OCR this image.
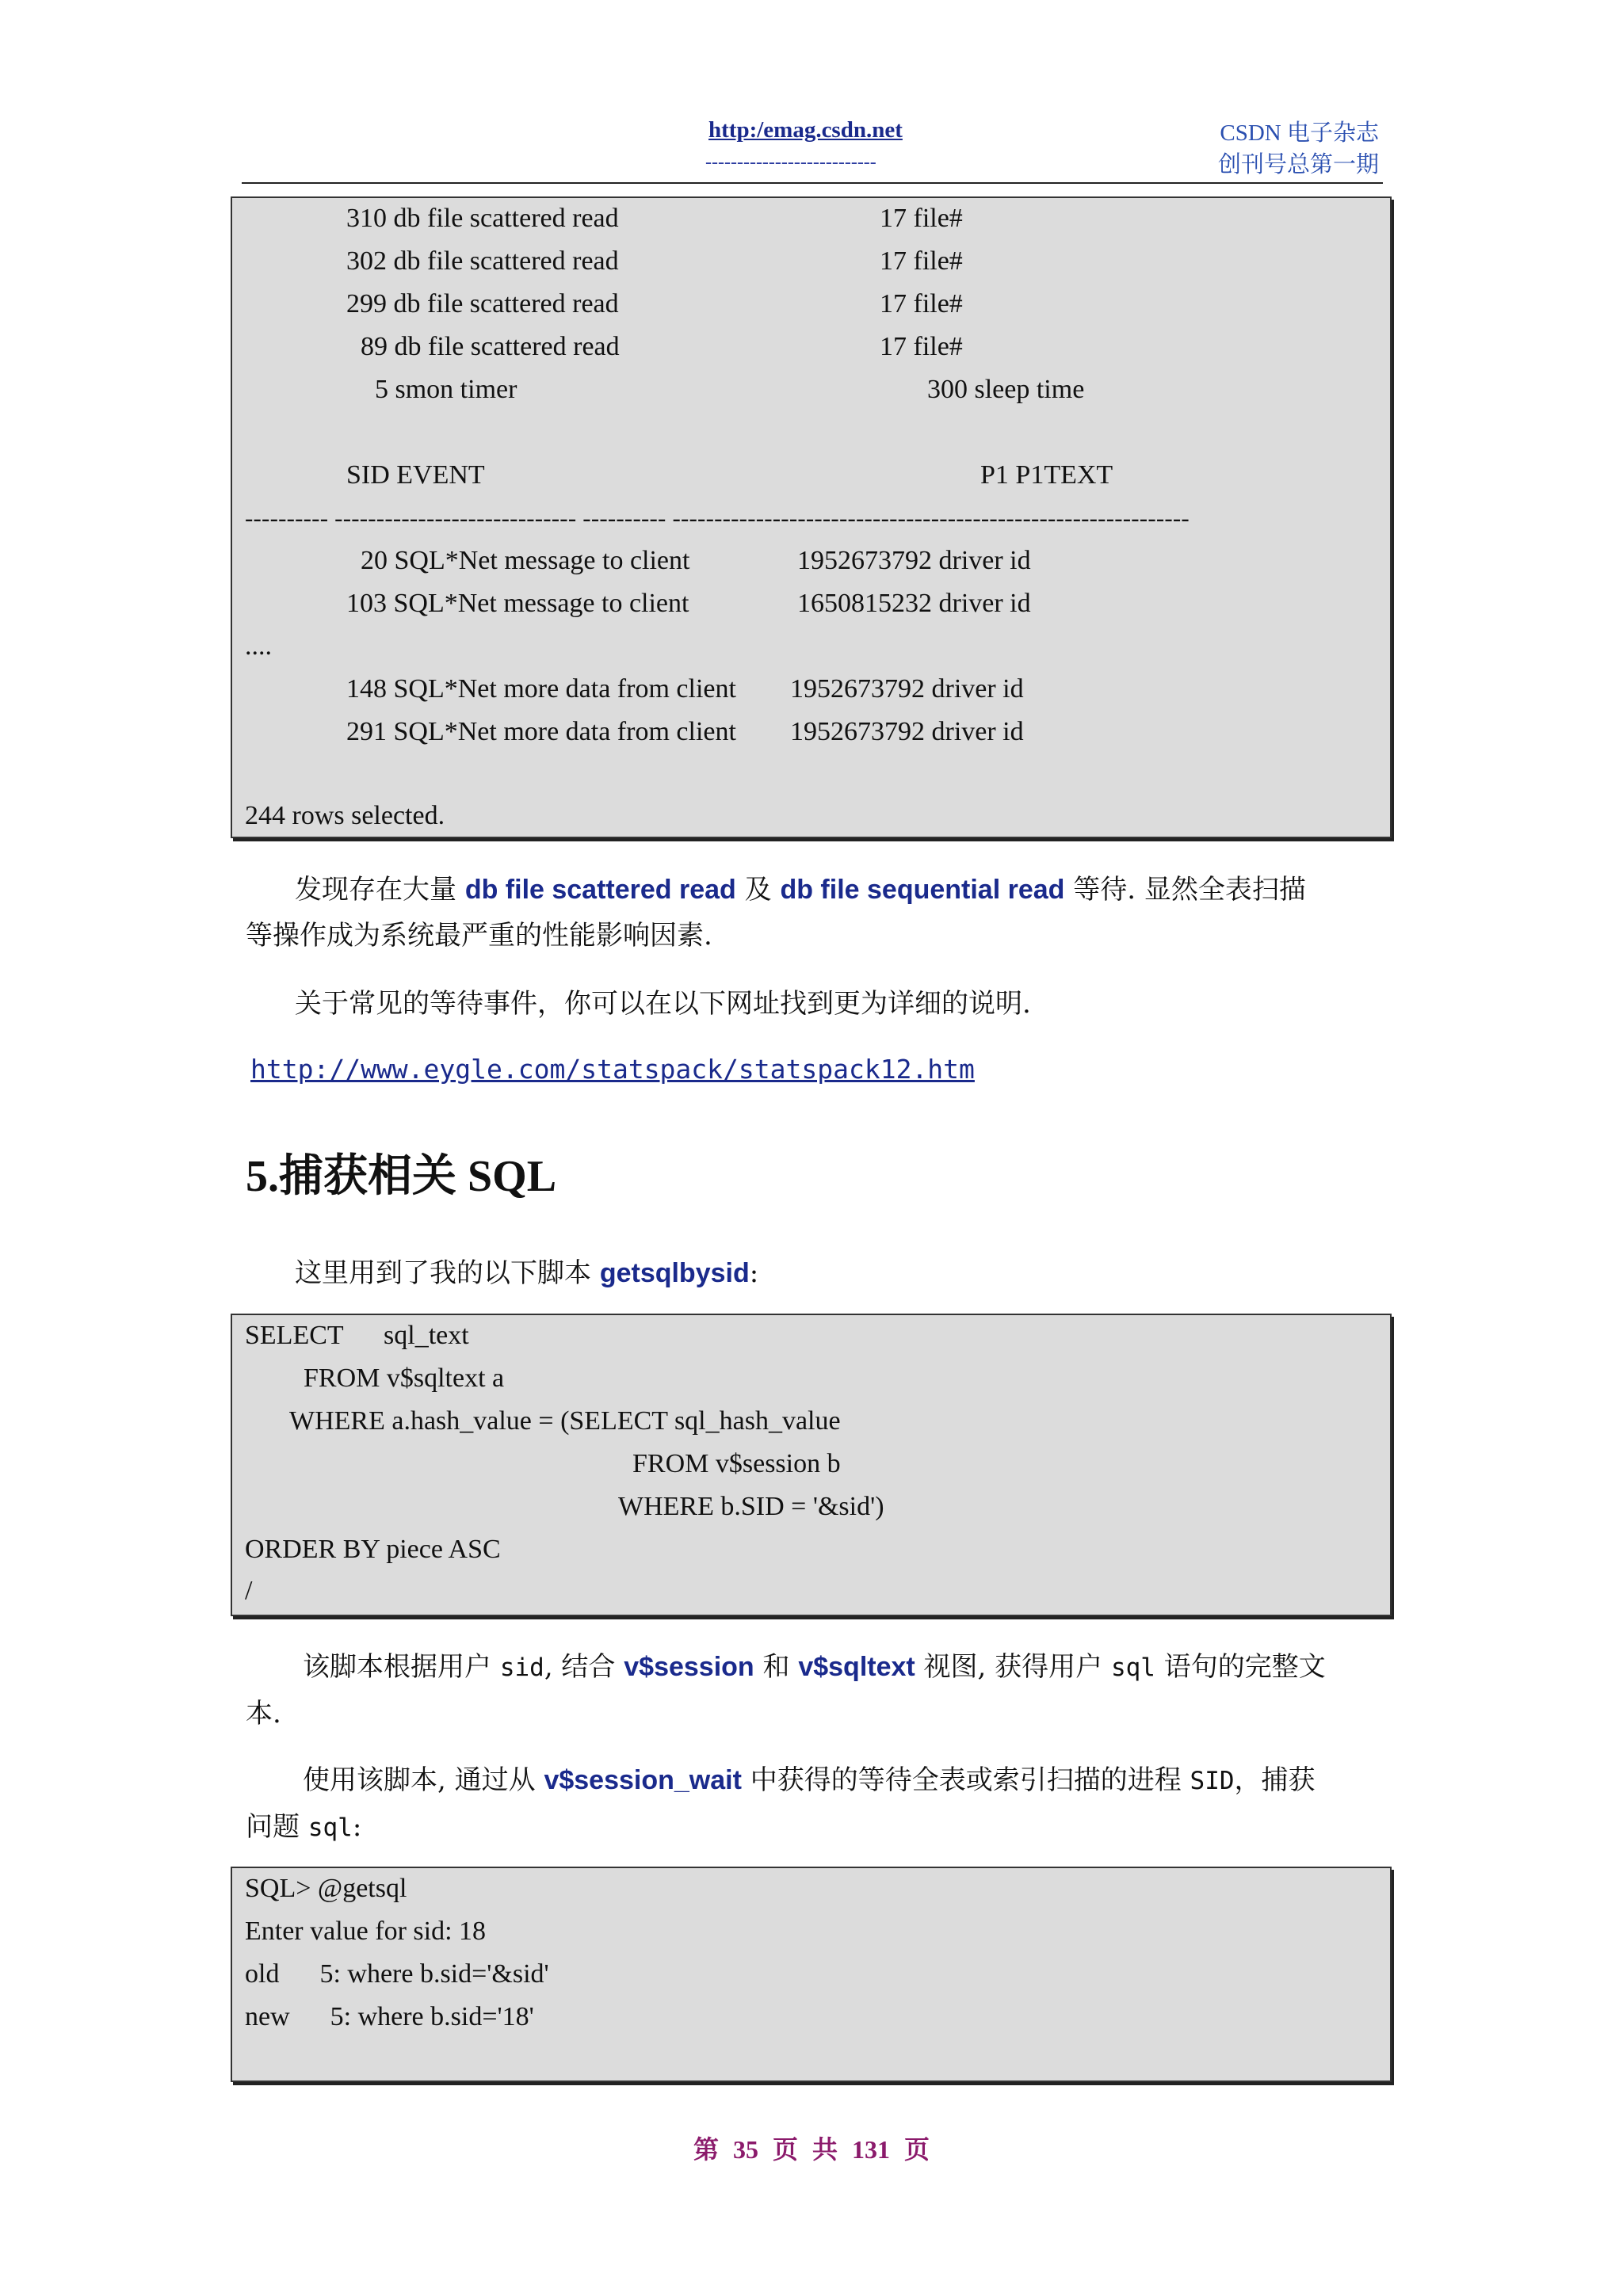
http:/emag.csdn.net
---------------------------
CSDN 电子杂志
创刊号总第一期
310 db file scattered read	17 file#
302 db file scattered read	17 file#
299 db file scattered read	17 file#
89 db file scattered read	17 file#
5 smon timer	300 sleep time
SID EVENT	P1 P1TEXT
---------- ----------------------------- ---------- --------------------------------------------------------------
20 SQL*Net message to client	1952673792 driver id
103 SQL*Net message to client	1650815232 driver id
....
148 SQL*Net more data from client 1952673792 driver id
291 SQL*Net more data from client 1952673792 driver id
244 rows selected.
发现存在大量 db file scattered read 及 db file sequential read 等待. 显然全表扫描
等操作成为系统最严重的性能影响因素.
关于常见的等待事件，你可以在以下网址找到更为详细的说明.
http://www.eygle.com/statspack/statspack12.htm
5.捕获相关 SQL
这里用到了我的以下脚本 getsqlbysid:
SELECT      sql_text
FROM v$sqltext a
WHERE a.hash_value = (SELECT sql_hash_value
FROM v$session b
WHERE b.SID = '&sid')
ORDER BY piece ASC
/
该脚本根据用户 sid, 结合 v$session 和 v$sqltext 视图, 获得用户 sql 语句的完整文
本.
使用该脚本, 通过从 v$session_wait 中获得的等待全表或索引扫描的进程 SID，捕获
问题 sql:
SQL> @getsql
Enter value for sid: 18
old      5: where b.sid='&sid'
new      5: where b.sid='18'
第 35 页 共 131 页
